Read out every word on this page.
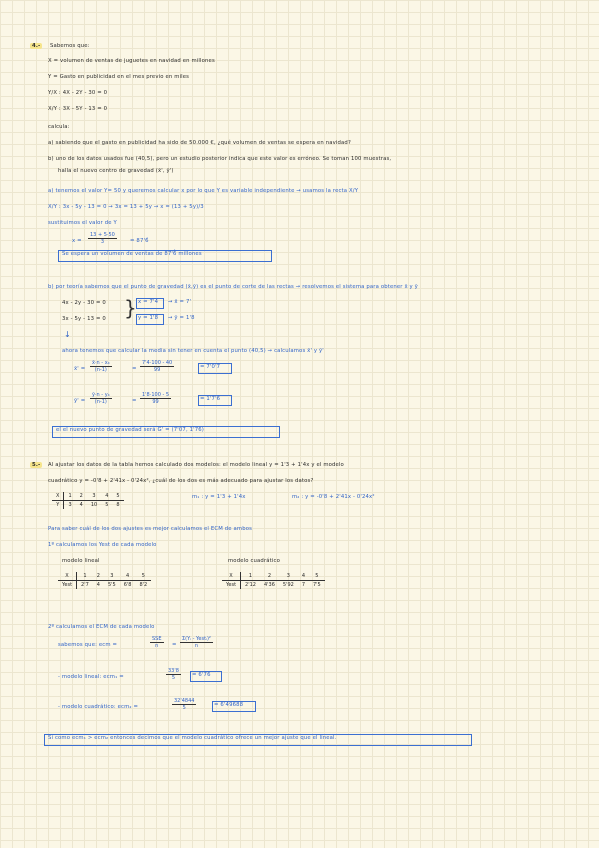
4.-	Sabemos que:
X = volumen de ventas de juguetes en navidad en millones
Y = Gasto en publicidad en el mes previo en miles
Y/X : 4X - 2Y - 30 = 0
X/Y : 3X - 5Y - 13 = 0
calcula:
a) sabiendo que el gasto en publicidad ha sido de 50.000 €, ¿qué volumen de ventas se espera en navidad?
b) uno de los datos usados fue (40,5), pero un estudio posterior indica que este valor es erróneo. Se toman 100 muestras,
halla el nuevo centro de gravedad (x̄', ȳ')
a) tenemos el valor Y= 50 y queremos calcular x por lo que Y es variable independiente → usamos la recta X/Y
X/Y : 3x - 5y - 13 = 0 → 3x = 13 + 5y → x = (13 + 5y)/3
sustituimos el valor de Y
$x = \frac{13 + 5\cdot 50}{3}$ = 87'6̂
Se espera un volumen de ventas de 87'6̂ millones
b) por teoría sabemos que el punto de gravedad (x̄,ȳ) es el punto de corte de las rectas → resolvemos el sistema para obtener x̄ y ȳ
4x - 2y - 30 = 0
3x - 5y - 13 = 0 } x = 7'4 → x̄ = 7'
y = 1'8 → ȳ = 1'8
↓
ahora tenemos que calcular la media sin tener en cuenta el punto (40,5) → calculamos x̄' y ȳ'
x̄' = $\frac{\text{x̄·n - x₄}}{(n-1)}$	= $\frac{7'4\cdot 100 - 40}{99}$	= 7'0'7̂
ȳ' = $\frac{\text{ȳ·n - y₄}}{(n-1)}$	= $\frac{1'8\cdot 100 - 5}{99}$	= 1'7'6̂
el el nuevo punto de gravedad será G' = (7'07, 1'76)
5.-	Al ajustar los datos de la tabla hemos calculado dos modelos: el modelo lineal y = 1'3 + 1'4x y el modelo
cuadrático y = -0'8 + 2'41x - 0'24x², ¿cuál de los dos es más adecuado para ajustar los datos?
X	1	2	3	4	5
Y	3	4	10	5	8
m₁ : y = 1'3 + 1'4x	m₂ : y = -0'8 + 2'41x - 0'24x²
Para saber cuál de los dos ajustes es mejor calculamos el ECM de ambos
1º calculamos los Yest de cada modelo
modelo lineal
X	1	2	3	4	5
Yest	2'7	4	5'5	6'8	8'2
modelo cuadrático
X	1	2	3	4	5
Yest	2'12	4'36	5'92	7	7'5
2º calculamos el ECM de cada modelo
sabemos que: ecm =
SSE
n	=
Σ(Yᵢ - Yestᵢ)²
n
- modelo lineal: ecm₁ =	$\frac{33'8}{5} = 6'76$
- modelo cuadrático: ecm₂ =	$\frac{32'4844}{5}$	= 6'49688
Si como ecm₁ > ecm₂ entonces decimos que el modelo cuadrático ofrece un mejor ajuste que el lineal.
